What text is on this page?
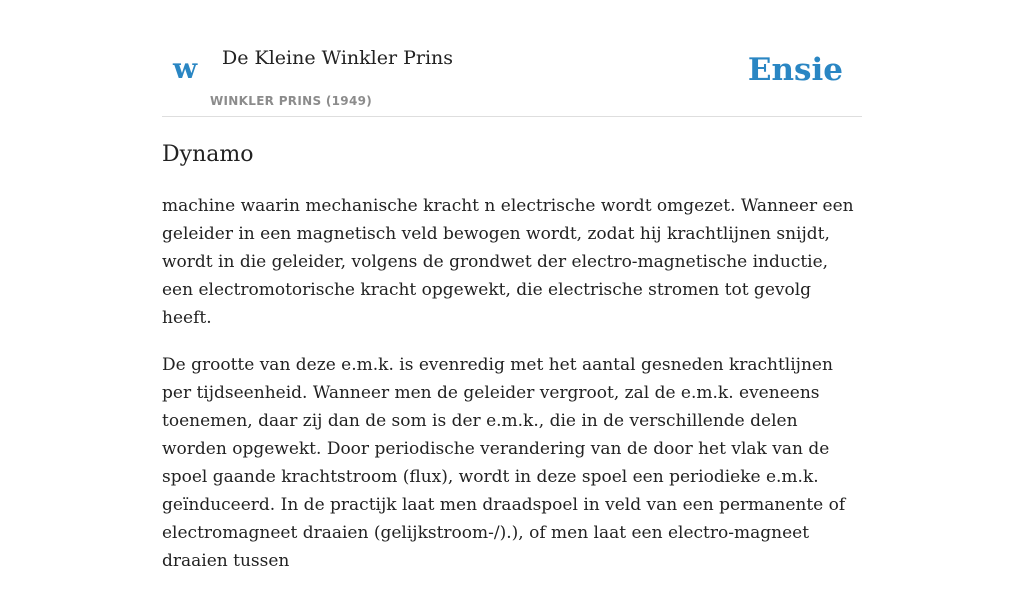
w De Kleine Winkler Prins
WINKLER PRINS (1949)
Ensie
Dynamo

machine waarin mechanische kracht n electrische wordt omgezet. Wanneer een geleider in een magnetisch veld bewogen wordt, zodat hij krachtlijnen snijdt, wordt in die geleider, volgens de grondwet der electro-magnetische inductie, een electromotorische kracht opgewekt, die electrische stromen tot gevolg heeft.

De grootte van deze e.m.k. is evenredig met het aantal gesneden krachtlijnen per tijdseenheid. Wanneer men de geleider vergroot, zal de e.m.k. eveneens toenemen, daar zij dan de som is der e.m.k., die in de verschillende delen worden opgewekt. Door periodische verandering van de door het vlak van de spoel gaande krachtstroom (flux), wordt in deze spoel een periodieke e.m.k. geïnduceerd. In de practijk laat men draadspoel in veld van een permanente of electromagneet draaien (gelijkstroom-/).), of men laat een electro-magneet draaien tussen
